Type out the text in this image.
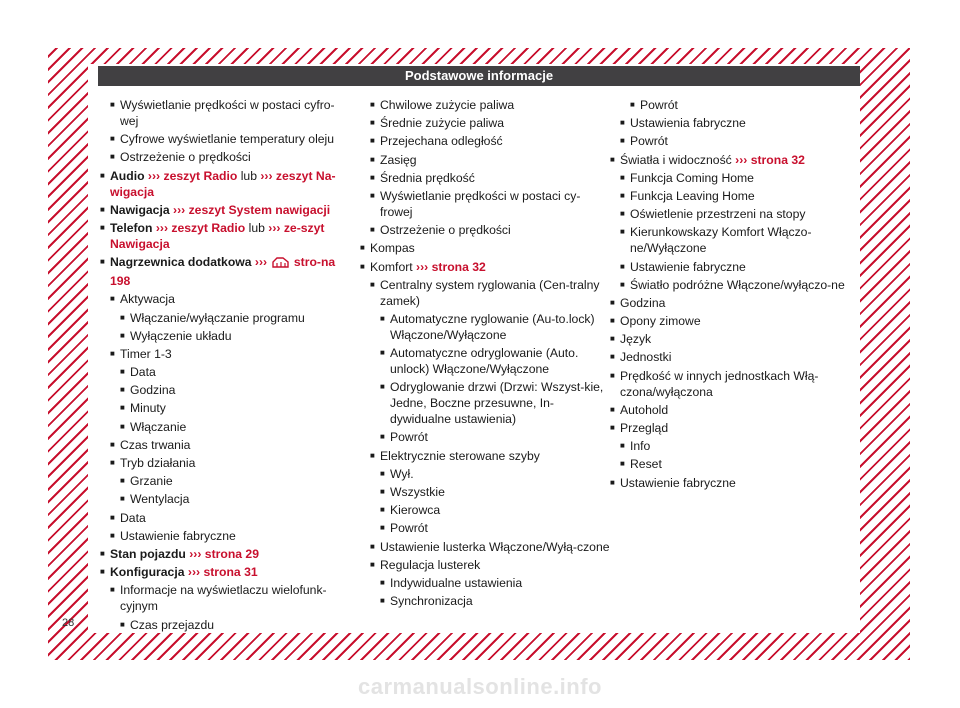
Podstawowe informacje
■ Wyświetlanie prędkości w postaci cyfro-wej
■ Cyfrowe wyświetlanie temperatury oleju
■ Ostrzeżenie o prędkości
■ Audio ››› zeszyt Radio lub ››› zeszyt Na-wigacja
■ Nawigacja ››› zeszyt System nawigacji
■ Telefon ››› zeszyt Radio lub ››› ze-szyt Nawigacja
■ Nagrzewnica dodatkowa ›››  stro-na 198
■ Aktywacja
■ Włączanie/wyłączanie programu
■ Wyłączenie układu
■ Timer 1-3
■ Data
■ Godzina
■ Minuty
■ Włączanie
■ Czas trwania
■ Tryb działania
■ Grzanie
■ Wentylacja
■ Data
■ Ustawienie fabryczne
■ Stan pojazdu ››› strona 29
■ Konfiguracja ››› strona 31
■ Informacje na wyświetlaczu wielofunk-cyjnym
■ Czas przejazdu
■ Chwilowe zużycie paliwa
■ Średnie zużycie paliwa
■ Przejechana odległość
■ Zasięg
■ Średnia prędkość
■ Wyświetlanie prędkości w postaci cy-frowej
■ Ostrzeżenie o prędkości
■ Kompas
■ Komfort ››› strona 32
■ Centralny system ryglowania (Cen-tralny zamek)
■ Automatyczne ryglowanie (Au-to.lock) Włączone/Wyłączone
■ Automatyczne odryglowanie (Auto. unlock) Włączone/Wyłączone
■ Odryglowanie drzwi (Drzwi: Wszyst-kie, Jedne, Boczne przesuwne, In-dywidualne ustawienia)
■ Powrót
■ Elektrycznie sterowane szyby
■ Wył.
■ Wszystkie
■ Kierowca
■ Powrót
■ Ustawienie lusterka Włączone/Wyłą-czone
■ Regulacja lusterek
■ Indywidualne ustawienia
■ Synchronizacja
■ Powrót
■ Ustawienia fabryczne
■ Powrót
■ Światła i widoczność ››› strona 32
■ Funkcja Coming Home
■ Funkcja Leaving Home
■ Oświetlenie przestrzeni na stopy
■ Kierunkowskazy Komfort Włączo-ne/Wyłączone
■ Ustawienie fabryczne
■ Światło podróżne Włączone/wyłączo-ne
■ Godzina
■ Opony zimowe
■ Język
■ Jednostki
■ Prędkość w innych jednostkach Włą-czona/wyłączona
■ Autohold
■ Przegląd
■ Info
■ Reset
■ Ustawienie fabryczne
28
carmanualsonline.info
